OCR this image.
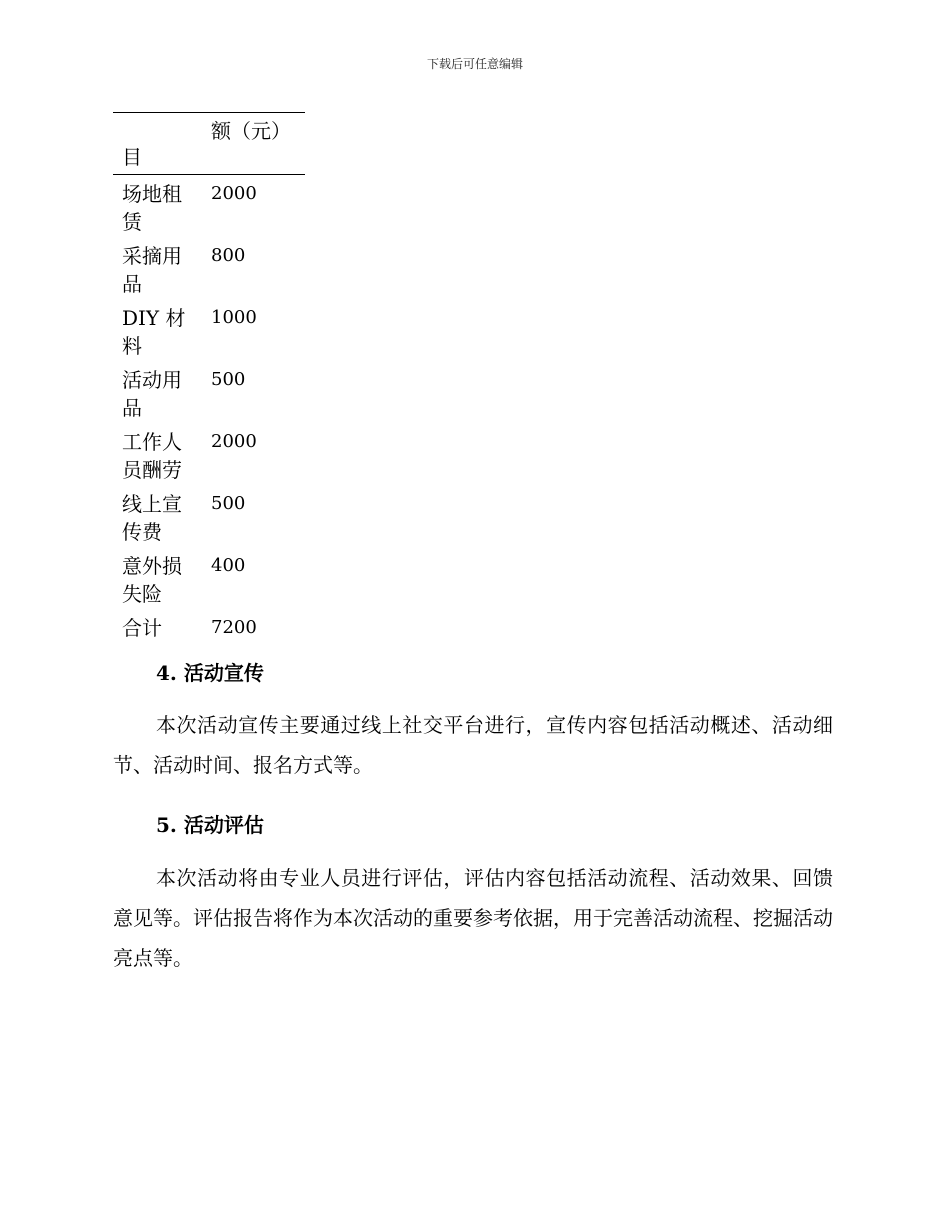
下载后可任意编辑
目
额（元）
场地租赁
2000
采摘用品
800
DIY 材料
1000
活动用品
500
工作人员酬劳
2000
线上宣传费
500
意外损失险
400
合计	7200
4. 活动宣传
本次活动宣传主要通过线上社交平台进行，宣传内容包括活动概述、活动细节、活动时间、报名方式等。
5. 活动评估
本次活动将由专业人员进行评估，评估内容包括活动流程、活动效果、回馈意见等。评估报告将作为本次活动的重要参考依据，用于完善活动流程、挖掘活动亮点等。
